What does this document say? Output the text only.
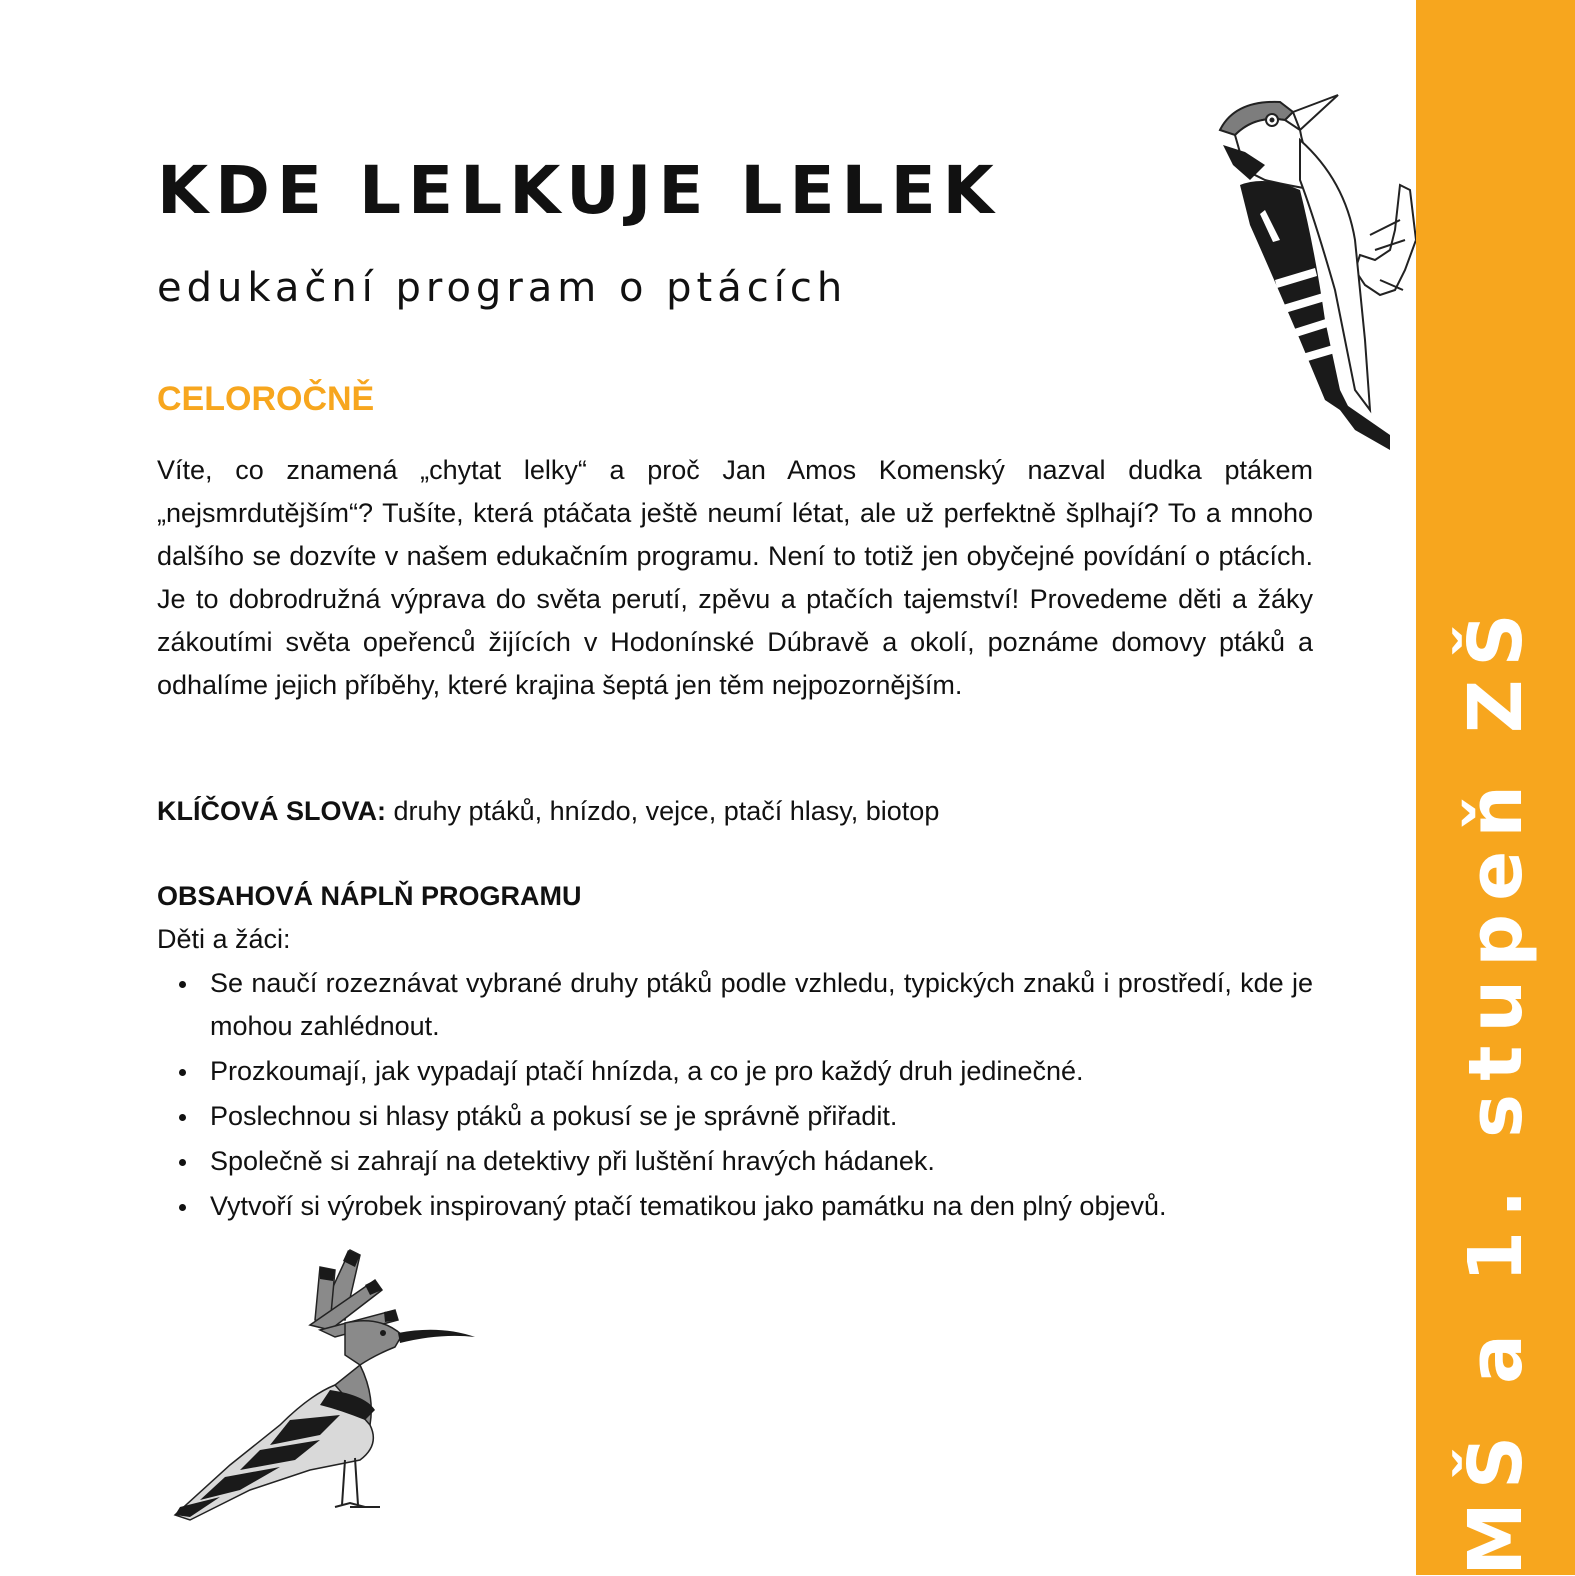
MŠ a 1. stupeň ZŠ
KDE LELKUJE LELEK
edukační program o ptácích
CELOROČNĚ

Víte, co znamená „chytat lelky“ a proč Jan Amos Komenský nazval dudka ptákem „nejsmrdutějším“? Tušíte, která ptáčata ještě neumí létat, ale už perfektně šplhají? To a mnoho dalšího se dozvíte v našem edukačním programu. Není to totiž jen obyčejné povídání o ptácích. Je to dobrodružná výprava do světa perutí, zpěvu a ptačích tajemství! Provedeme děti a žáky zákoutími světa opeřenců žijících v Hodonínské Dúbravě a okolí, poznáme domovy ptáků a odhalíme jejich příběhy, které krajina šeptá jen těm nejpozornějším.

KLÍČOVÁ SLOVA: druhy ptáků, hnízdo, vejce, ptačí hlasy, biotop

OBSAHOVÁ NÁPLŇ PROGRAMU

Děti a žáci:

Se naučí rozeznávat vybrané druhy ptáků podle vzhledu, typických znaků i prostředí, kde je mohou zahlédnout.
Prozkoumají, jak vypadají ptačí hnízda, a co je pro každý druh jedinečné.
Poslechnou si hlasy ptáků a pokusí se je správně přiřadit.
Společně si zahrají na detektivy při luštění hravých hádanek.
Vytvoří si výrobek inspirovaný ptačí tematikou jako památku na den plný objevů.
